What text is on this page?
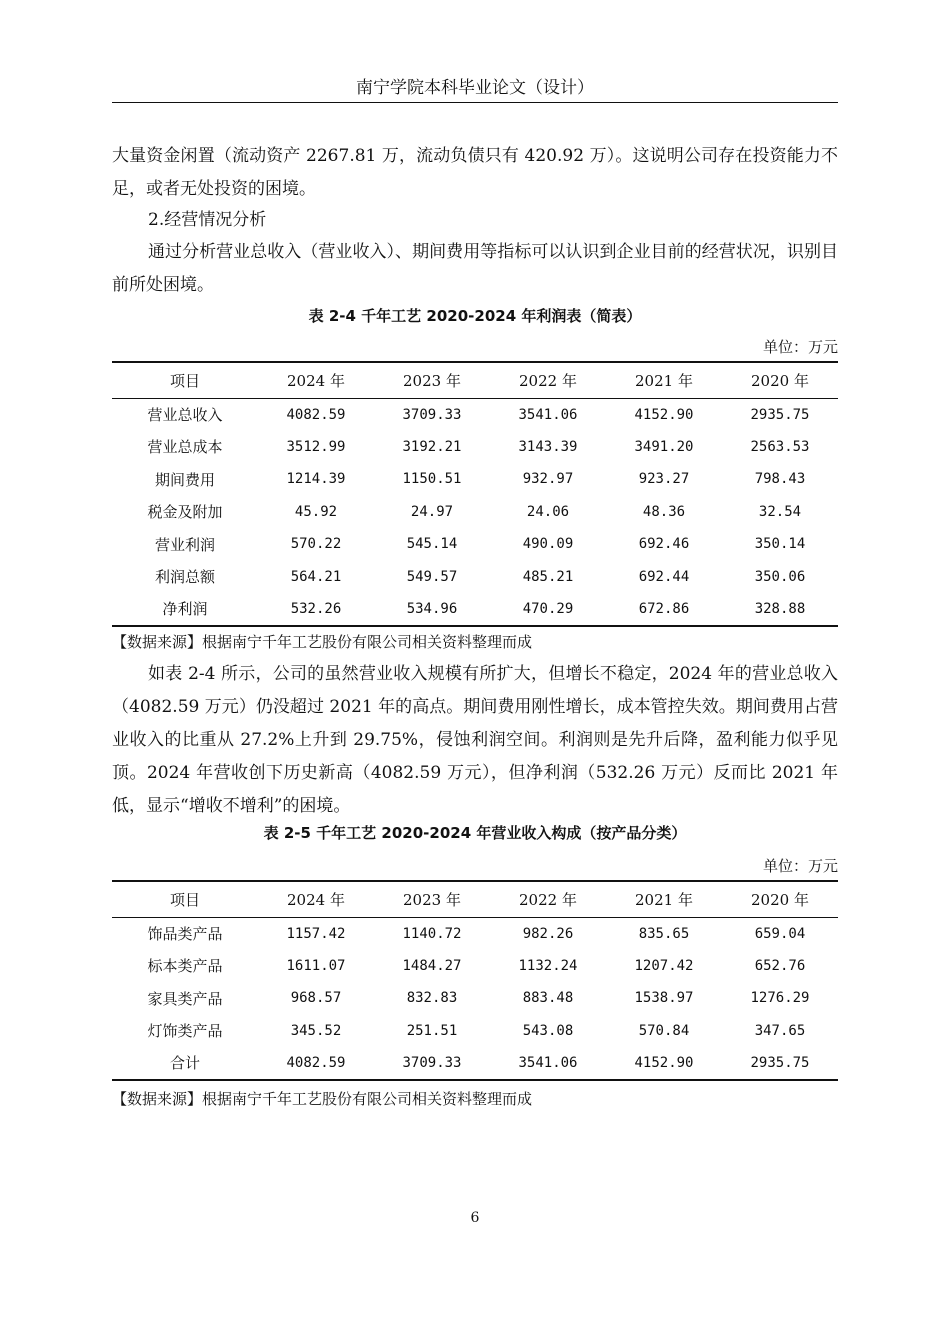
南宁学院本科毕业论文（设计）

大量资金闲置（流动资产 2267.81 万，流动负债只有 420.92 万）。这说明公司存在投资能力不足，或者无处投资的困境。

2.经营情况分析

通过分析营业总收入（营业收入）、期间费用等指标可以认识到企业目前的经营状况，识别目前所处困境。

表 2-4 千年工艺 2020-2024 年利润表（简表）
单位：万元
项目	2024 年	2023 年	2022 年	2021 年	2020 年
营业总收入	4082.59	3709.33	3541.06	4152.90	2935.75
营业总成本	3512.99	3192.21	3143.39	3491.20	2563.53
期间费用	1214.39	1150.51	932.97	923.27	798.43
税金及附加	45.92	24.97	24.06	48.36	32.54
营业利润	570.22	545.14	490.09	692.46	350.14
利润总额	564.21	549.57	485.21	692.44	350.06
净利润	532.26	534.96	470.29	672.86	328.88
【数据来源】根据南宁千年工艺股份有限公司相关资料整理而成

如表 2-4 所示，公司的虽然营业收入规模有所扩大，但增长不稳定，2024 年的营业总收入（4082.59 万元）仍没超过 2021 年的高点。期间费用刚性增长，成本管控失效。期间费用占营业收入的比重从 27.2%上升到 29.75%，侵蚀利润空间。利润则是先升后降，盈利能力似乎见顶。2024 年营收创下历史新高（4082.59 万元），但净利润（532.26 万元）反而比 2021 年低，显示“增收不增利”的困境。

表 2-5 千年工艺 2020-2024 年营业收入构成（按产品分类）
单位：万元
项目	2024 年	2023 年	2022 年	2021 年	2020 年
饰品类产品	1157.42	1140.72	982.26	835.65	659.04
标本类产品	1611.07	1484.27	1132.24	1207.42	652.76
家具类产品	968.57	832.83	883.48	1538.97	1276.29
灯饰类产品	345.52	251.51	543.08	570.84	347.65
合计	4082.59	3709.33	3541.06	4152.90	2935.75
【数据来源】根据南宁千年工艺股份有限公司相关资料整理而成
6
